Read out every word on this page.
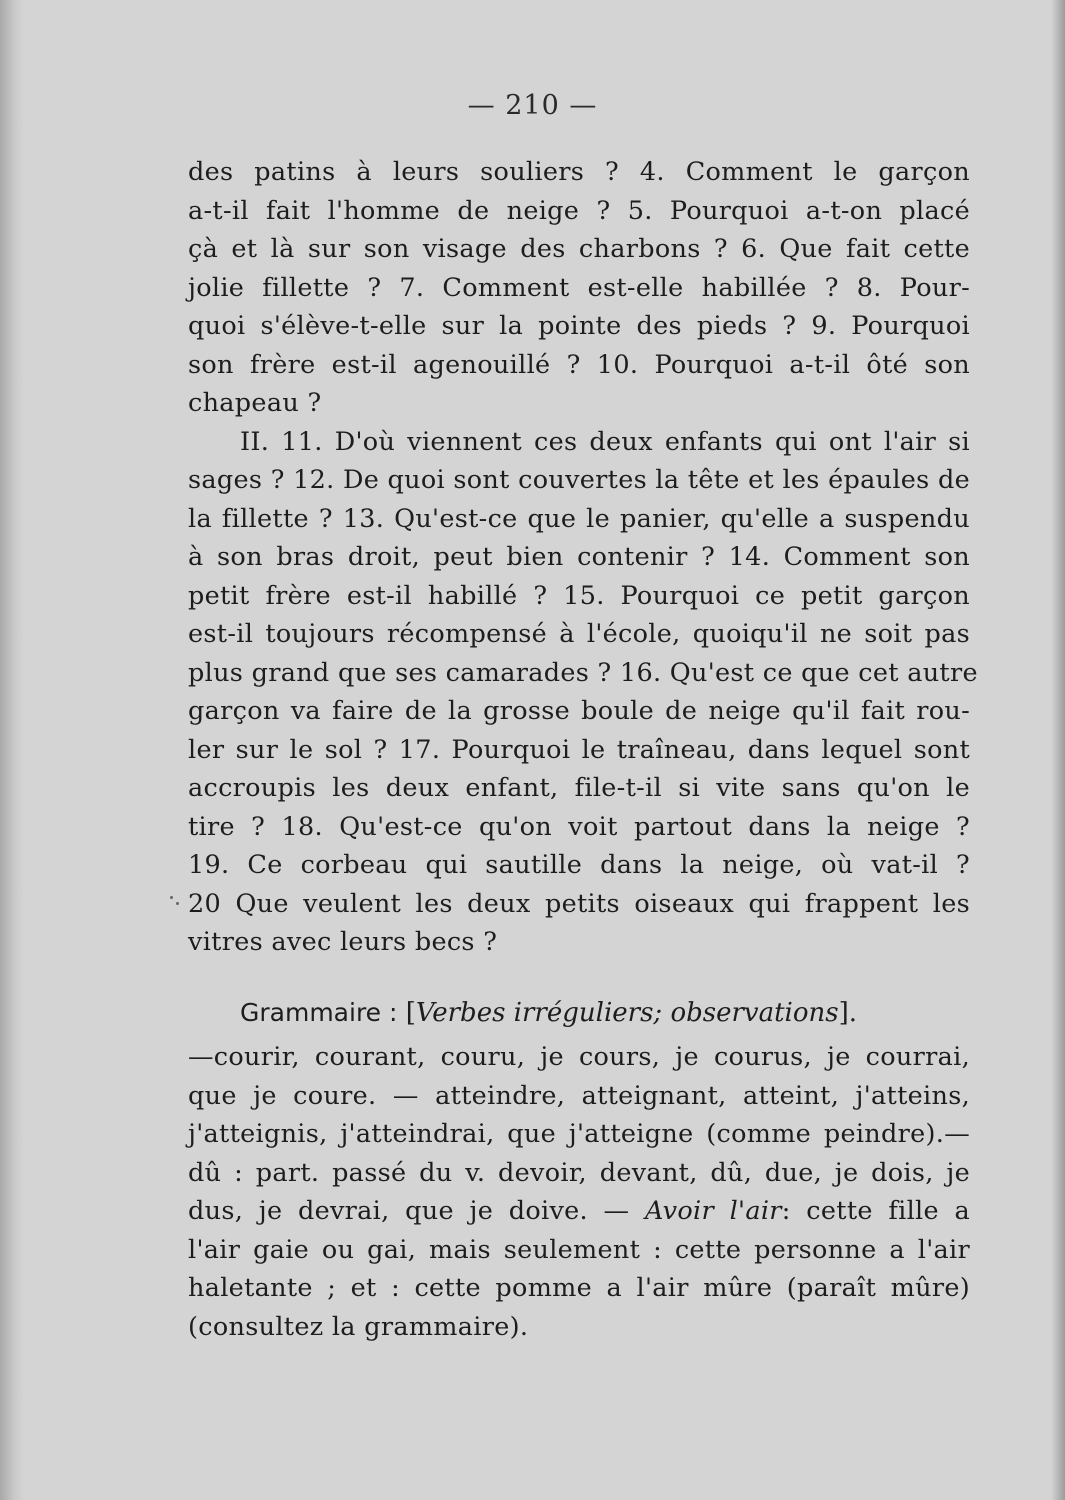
— 210 —
des patins à leurs souliers ? 4. Comment le garçon
a-t-il fait l'homme de neige ? 5. Pourquoi a-t-on placé
çà et là sur son visage des charbons ? 6. Que fait cette
jolie fillette ? 7. Comment est-elle habillée ? 8. Pour-
quoi s'élève-t-elle sur la pointe des pieds ? 9. Pourquoi
son frère est-il agenouillé ? 10. Pourquoi a-t-il ôté son
chapeau ?
II. 11. D'où viennent ces deux enfants qui ont l'air si
sages ? 12. De quoi sont couvertes la tête et les épaules de
la fillette ? 13. Qu'est-ce que le panier, qu'elle a suspendu
à son bras droit, peut bien contenir ? 14. Comment son
petit frère est-il habillé ? 15. Pourquoi ce petit garçon
est-il toujours récompensé à l'école, quoiqu'il ne soit pas
plus grand que ses camarades ? 16. Qu'est ce que cet autre
garçon va faire de la grosse boule de neige qu'il fait rou-
ler sur le sol ? 17. Pourquoi le traîneau, dans lequel sont
accroupis les deux enfant, file-t-il si vite sans qu'on le
tire ? 18. Qu'est-ce qu'on voit partout dans la neige ?
19. Ce corbeau qui sautille dans la neige, où vat-il ?
20 Que veulent les deux petits oiseaux qui frappent les
vitres avec leurs becs ?
Grammaire : [Verbes irréguliers; observations].
—courir, courant, couru, je cours, je courus, je courrai,
que je coure. — atteindre, atteignant, atteint, j'atteins,
j'atteignis, j'atteindrai, que j'atteigne (comme peindre).—
dû : part. passé du v. devoir, devant, dû, due, je dois, je
dus, je devrai, que je doive. — Avoir l'air: cette fille a
l'air gaie ou gai, mais seulement : cette personne a l'air
haletante ; et : cette pomme a l'air mûre (paraît mûre)
(consultez la grammaire).
